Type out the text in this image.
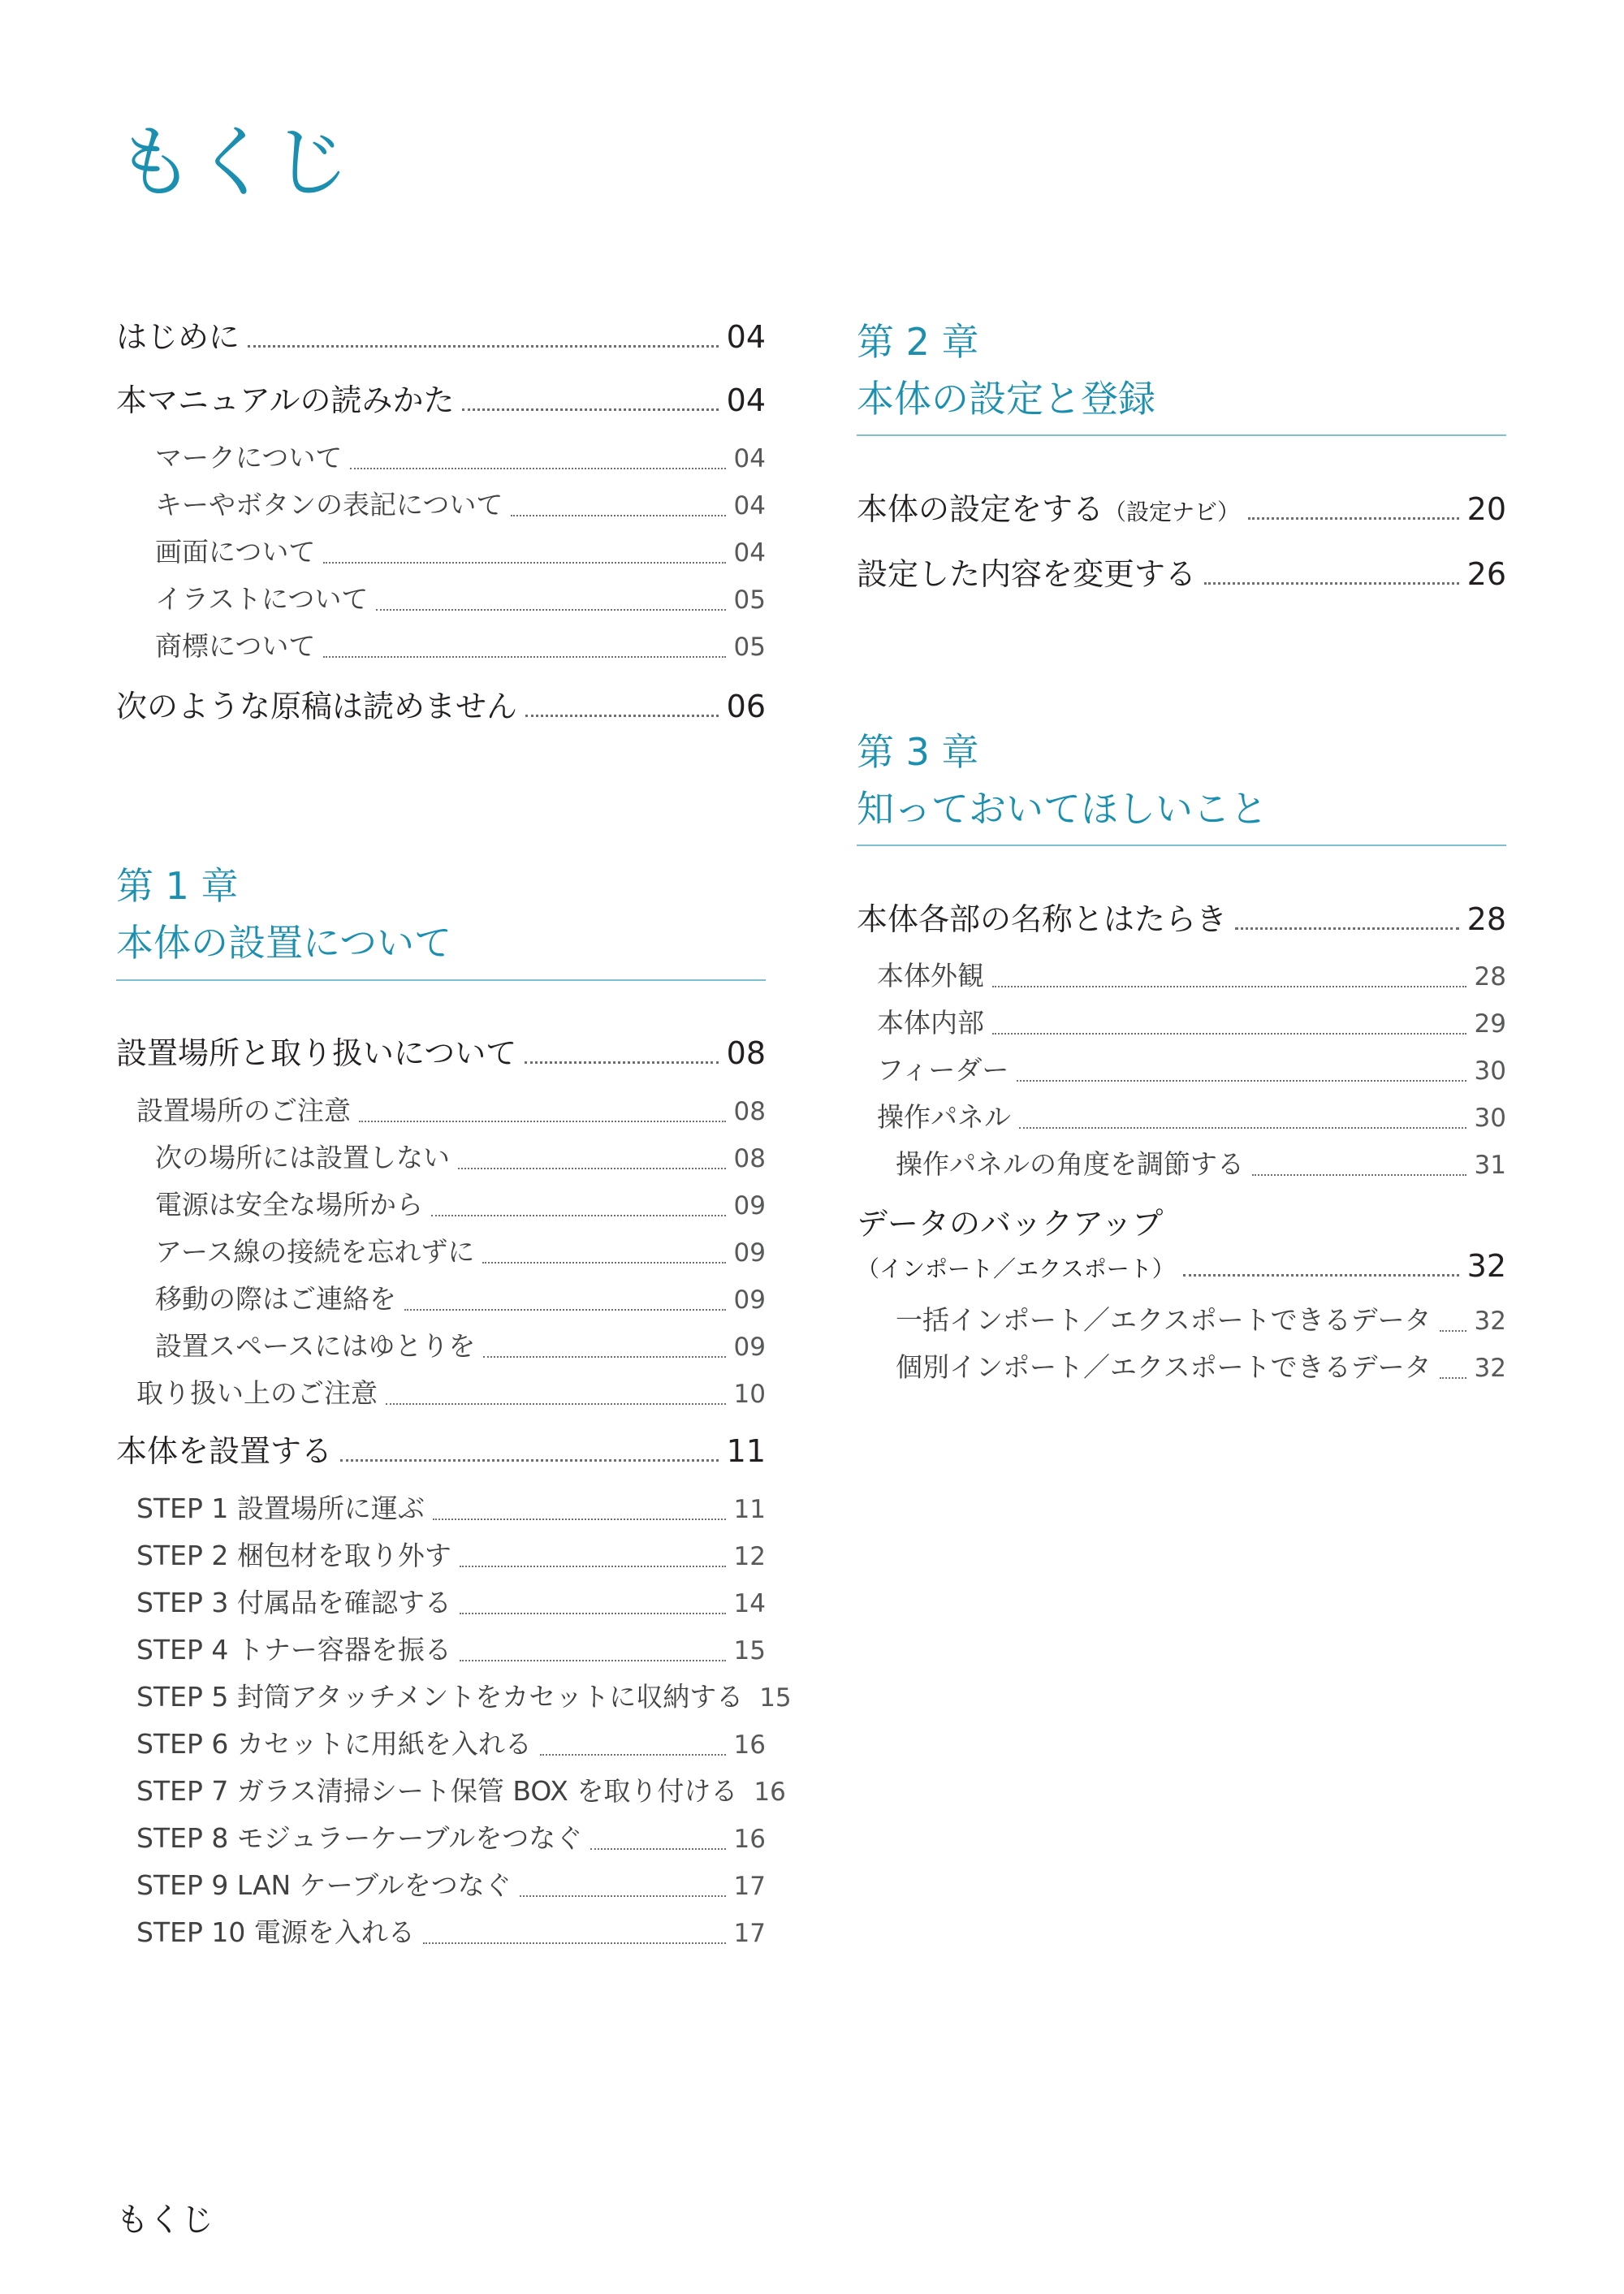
もくじ
はじめに	04
本マニュアルの読みかた	04
マークについて	04
キーやボタンの表記について	04
画面について	04
イラストについて	05
商標について	05
次のような原稿は読めません	06
第 1 章
本体の設置について
設置場所と取り扱いについて	08
設置場所のご注意	08
次の場所には設置しない	08
電源は安全な場所から	09
アース線の接続を忘れずに	09
移動の際はご連絡を	09
設置スペースにはゆとりを	09
取り扱い上のご注意	10
本体を設置する	11
STEP 1 設置場所に運ぶ	11
STEP 2 梱包材を取り外す	12
STEP 3 付属品を確認する	14
STEP 4 トナー容器を振る	15
STEP 5 封筒アタッチメントをカセットに収納する 15
STEP 6 カセットに用紙を入れる	16
STEP 7 ガラス清掃シート保管 BOX を取り付ける 16
STEP 8 モジュラーケーブルをつなぐ	16
STEP 9 LAN ケーブルをつなぐ	17
STEP 10 電源を入れる	17
第 2 章
本体の設定と登録
本体の設定をする （設定ナビ）	20
設定した内容を変更する	26
第 3 章
知っておいてほしいこと
本体各部の名称とはたらき	28
本体外観	28
本体内部	29
フィーダー	30
操作パネル	30
操作パネルの角度を調節する	31
データのバックアップ
（インポート／エクスポート）	32
一括インポート／エクスポートできるデータ 32
個別インポート／エクスポートできるデータ 32
もくじ
